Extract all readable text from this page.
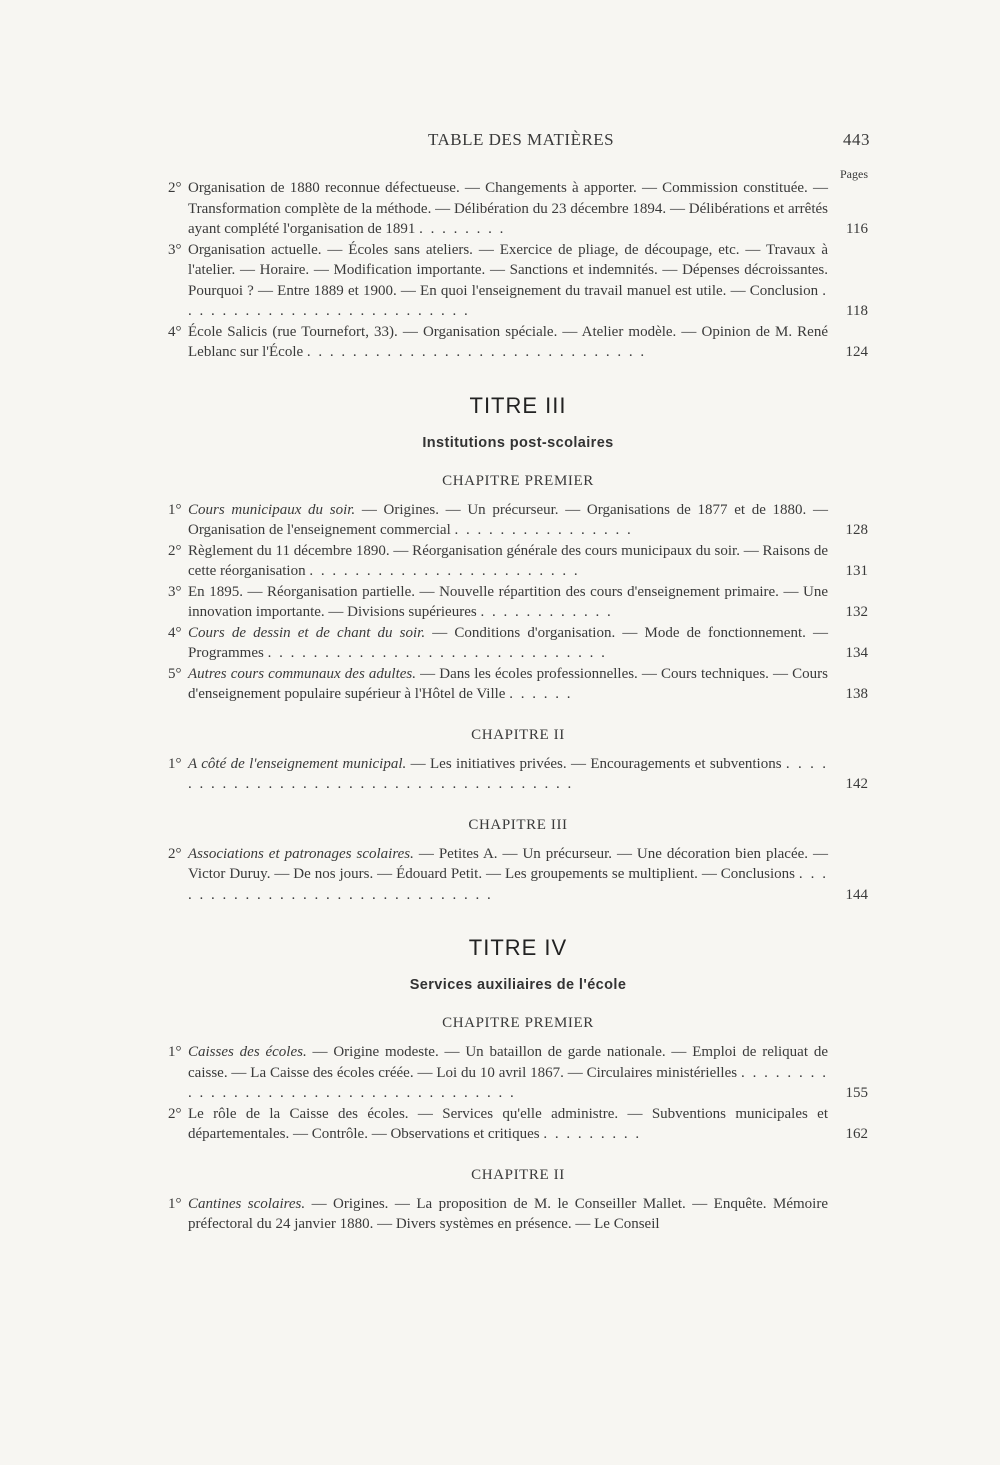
TABLE DES MATIÈRES	443
Pages
2° Organisation de 1880 reconnue défectueuse. — Changements à apporter. — Commission constituée. — Transformation complète de la méthode. — Délibération du 23 décembre 1894. — Délibérations et arrêtés ayant complété l'organisation de 1891 . . . . . . . .	116
3° Organisation actuelle. — Écoles sans ateliers. — Exercice de pliage, de découpage, etc. — Travaux à l'atelier. — Horaire. — Modification importante. — Sanctions et indemnités. — Dépenses décroissantes. Pourquoi ? — Entre 1889 et 1900. — En quoi l'enseignement du travail manuel est utile. — Conclusion . . . . . . . . . . . . . . . . . . . . . . . . . .	118
4° École Salicis (rue Tournefort, 33). — Organisation spéciale. — Atelier modèle. — Opinion de M. René Leblanc sur l'École . . . . . . . . . . . . . . . . . . . . . . . . . . . . . .	124
TITRE III
Institutions post-scolaires
CHAPITRE PREMIER
1° Cours municipaux du soir. — Origines. — Un précurseur. — Organisations de 1877 et de 1880. — Organisation de l'enseignement commercial . . . . . . . . . . . . . . . .	128
2° Règlement du 11 décembre 1890. — Réorganisation générale des cours municipaux du soir. — Raisons de cette réorganisation . . . . . . . . . . . . . . . . . . . . . . . .	131
3° En 1895. — Réorganisation partielle. — Nouvelle répartition des cours d'enseignement primaire. — Une innovation importante. — Divisions supérieures . . . . . . . . . . . .	132
4° Cours de dessin et de chant du soir. — Conditions d'organisation. — Mode de fonctionnement. — Programmes . . . . . . . . . . . . . . . . . . . . . . . . . . . . . .	134
5° Autres cours communaux des adultes. — Dans les écoles professionnelles. — Cours techniques. — Cours d'enseignement populaire supérieur à l'Hôtel de Ville . . . . . .	138
CHAPITRE II
1° A côté de l'enseignement municipal. — Les initiatives privées. — Encouragements et subventions . . . . . . . . . . . . . . . . . . . . . . . . . . . . . . . . . . . . . .	142
CHAPITRE III
2° Associations et patronages scolaires. — Petites A. — Un précurseur. — Une décoration bien placée. — Victor Duruy. — De nos jours. — Édouard Petit. — Les groupements se multiplient. — Conclusions . . . . . . . . . . . . . . . . . . . . . . . . . . . . . .	144
TITRE IV
Services auxiliaires de l'école
CHAPITRE PREMIER
1° Caisses des écoles. — Origine modeste. — Un bataillon de garde nationale. — Emploi de reliquat de caisse. — La Caisse des écoles créée. — Loi du 10 avril 1867. — Circulaires ministérielles . . . . . . . . . . . . . . . . . . . . . . . . . . . . . . . . . . . . .	155
2° Le rôle de la Caisse des écoles. — Services qu'elle administre. — Subventions municipales et départementales. — Contrôle. — Observations et critiques . . . . . . . . .	162
CHAPITRE II
1° Cantines scolaires. — Origines. — La proposition de M. le Conseiller Mallet. — Enquête. Mémoire préfectoral du 24 janvier 1880. — Divers systèmes en présence. — Le Conseil
